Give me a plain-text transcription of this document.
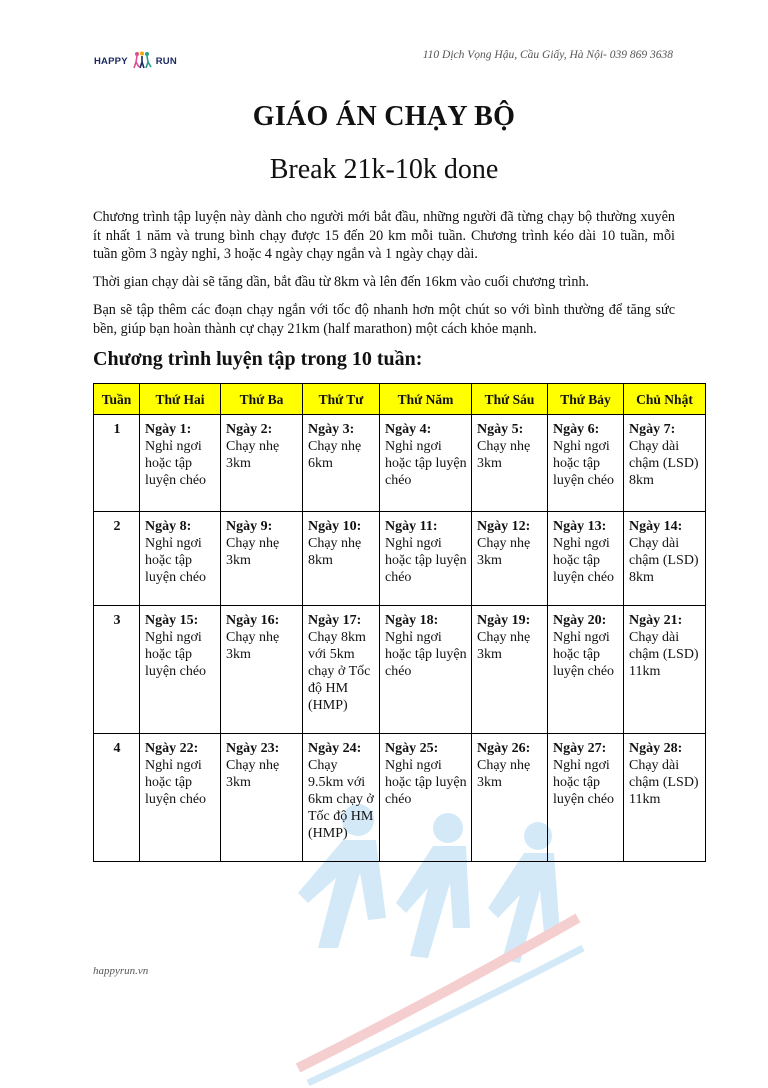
HAPPY	RUN	110 Dịch Vọng Hậu, Cầu Giấy, Hà Nội- 039 869 3638
GIÁO ÁN CHẠY BỘ
Break 21k-10k done
Chương trình tập luyện này dành cho người mới bắt đầu, những người đã từng chạy bộ thường xuyên ít nhất 1 năm và trung bình chạy được 15 đến 20 km mỗi tuần. Chương trình kéo dài 10 tuần, mỗi tuần gồm 3 ngày nghỉ, 3 hoặc 4 ngày chạy ngắn và 1 ngày chạy dài.
Thời gian chạy dài sẽ tăng dần, bắt đầu từ 8km và lên đến 16km vào cuối chương trình.
Bạn sẽ tập thêm các đoạn chạy ngắn với tốc độ nhanh hơn một chút so với bình thường để tăng sức bền, giúp bạn hoàn thành cự chạy 21km (half marathon) một cách khỏe mạnh.
Chương trình luyện tập trong 10 tuần:
Tuần	Thứ Hai	Thứ Ba	Thứ Tư	Thứ Năm	Thứ Sáu	Thứ Bảy	Chủ Nhật
1	Ngày 1:
Nghỉ ngơi hoặc tập luyện chéo	Ngày 2:
Chạy nhẹ 3km	Ngày 3:
Chạy nhẹ 6km	Ngày 4:
Nghỉ ngơi hoặc tập luyện chéo	Ngày 5:
Chạy nhẹ 3km	Ngày 6:
Nghỉ ngơi hoặc tập luyện chéo	Ngày 7:
Chạy dài chậm (LSD) 8km

2	Ngày 8:
Nghỉ ngơi hoặc tập luyện chéo	Ngày 9:
Chạy nhẹ 3km	Ngày 10:
Chạy nhẹ 8km	Ngày 11:
Nghỉ ngơi hoặc tập luyện chéo	Ngày 12:
Chạy nhẹ 3km	Ngày 13:
Nghỉ ngơi hoặc tập luyện chéo	Ngày 14:
Chạy dài chậm (LSD) 8km

3	Ngày 15:
Nghỉ ngơi hoặc tập luyện chéo	Ngày 16:
Chạy nhẹ 3km	Ngày 17:
Chạy 8km với 5km chạy ở Tốc độ HM (HMP)	Ngày 18:
Nghỉ ngơi hoặc tập luyện chéo	Ngày 19:
Chạy nhẹ 3km	Ngày 20:
Nghỉ ngơi hoặc tập luyện chéo	Ngày 21:
Chạy dài chậm (LSD) 11km

4	Ngày 22:
Nghỉ ngơi hoặc tập luyện chéo	Ngày 23:
Chạy nhẹ 3km	Ngày 24:
Chạy 9.5km với 6km chạy ở Tốc độ HM (HMP)	Ngày 25:
Nghỉ ngơi hoặc tập luyện chéo	Ngày 26:
Chạy nhẹ 3km	Ngày 27:
Nghỉ ngơi hoặc tập luyện chéo	Ngày 28:
Chạy dài chậm (LSD) 11km
happyrun.vn
